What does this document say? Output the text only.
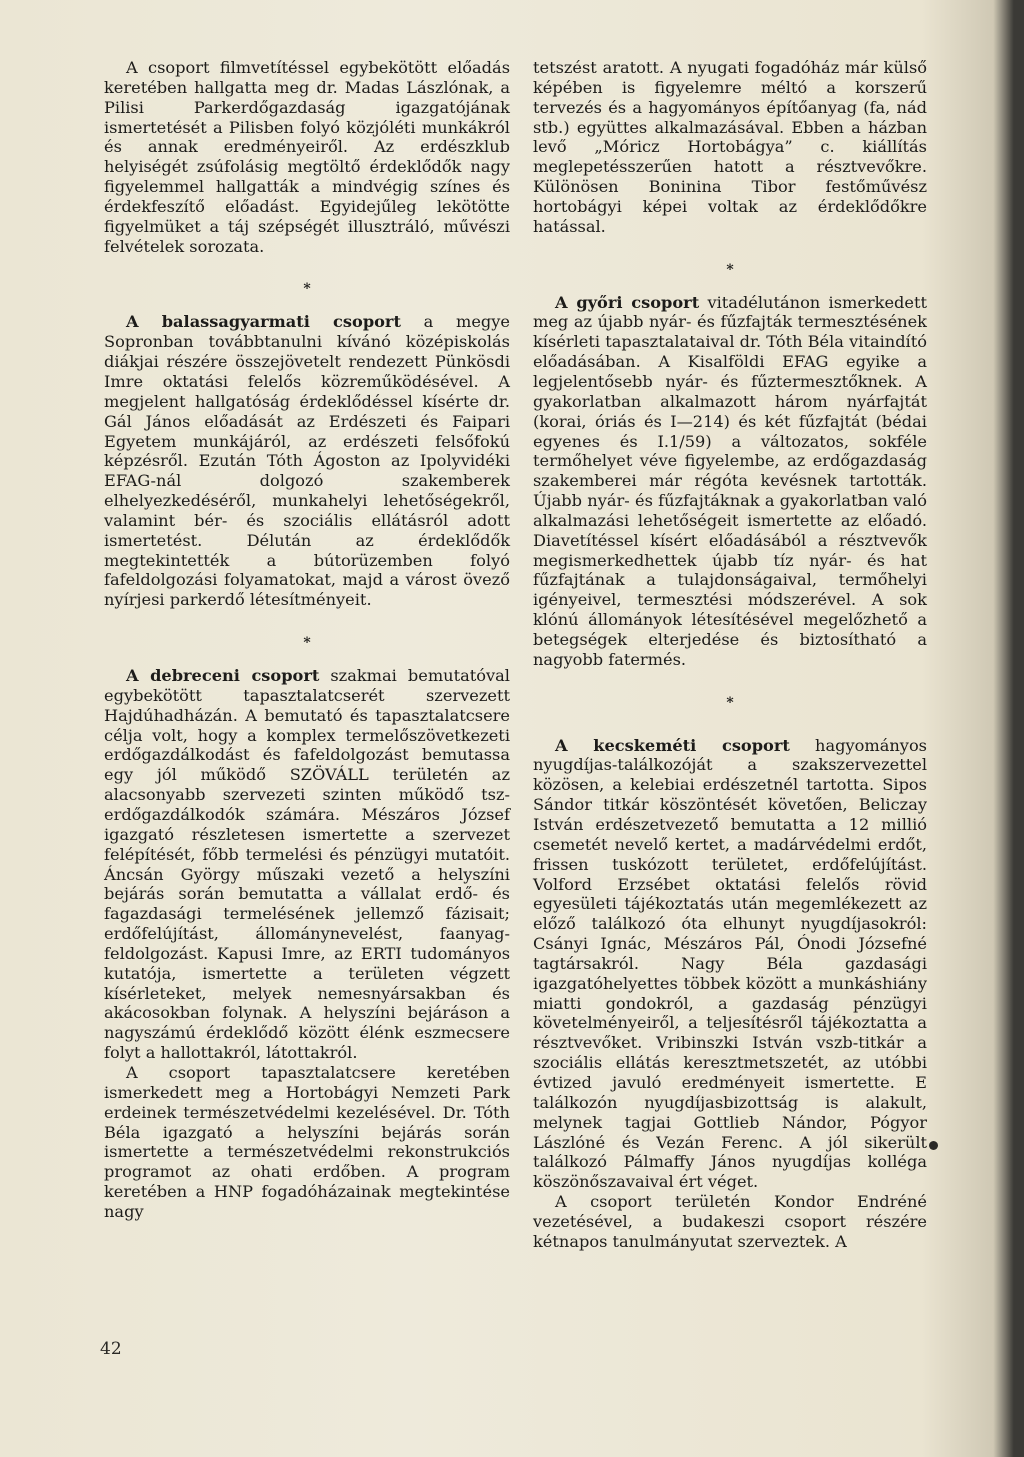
A csoport filmvetítéssel egybekötött előadás keretében hallgatta meg dr. Madas Lászlónak, a Pilisi Parkerdőgazdaság igazgatójának ismertetését a Pilisben folyó közjóléti munkákról és annak eredményeiről. Az erdészklub helyiségét zsúfolásig megtöltő érdeklődők nagy figyelemmel hallgatták a mindvégig színes és érdekfeszítő előadást. Egyidejűleg lekötötte figyelmüket a táj szépségét illusztráló, művészi felvételek sorozata.

*

A balassagyarmati csoport a megye Sopronban továbbtanulni kívánó középiskolás diákjai részére összejövetelt rendezett Pünkösdi Imre oktatási felelős közreműködésével. A megjelent hallgatóság érdeklődéssel kísérte dr. Gál János előadását az Erdészeti és Faipari Egyetem munkájáról, az erdészeti felsőfokú képzésről. Ezután Tóth Ágoston az Ipolyvidéki EFAG-nál dolgozó szakemberek elhelyezkedéséről, munkahelyi lehetőségekről, valamint bér- és szociális ellátásról adott ismertetést. Délután az érdeklődők megtekintették a bútorüzemben folyó fafeldolgozási folyamatokat, majd a várost övező nyírjesi parkerdő létesítményeit.

*

A debreceni csoport szakmai bemutatóval egybekötött tapasztalatcserét szervezett Hajdúhadházán. A bemutató és tapasztalatcsere célja volt, hogy a komplex termelőszövetkezeti erdőgazdálkodást és fafeldolgozást bemutassa egy jól működő SZÖVÁLL területén az alacsonyabb szervezeti szinten működő tsz-erdőgazdálkodók számára. Mészáros József igazgató részletesen ismertette a szervezet felépítését, főbb termelési és pénzügyi mutatóit. Áncsán György műszaki vezető a helyszíni bejárás során bemutatta a vállalat erdő- és fagazdasági termelésének jellemző fázisait; erdőfelújítást, állománynevelést, faanyag-feldolgozást. Kapusi Imre, az ERTI tudományos kutatója, ismertette a területen végzett kísérleteket, melyek nemesnyársakban és akácosokban folynak. A helyszíni bejáráson a nagyszámú érdeklődő között élénk eszmecsere folyt a hallottakról, látottakról.

A csoport tapasztalatcsere keretében ismerkedett meg a Hortobágyi Nemzeti Park erdeinek természetvédelmi kezelésével. Dr. Tóth Béla igazgató a helyszíni bejárás során ismertette a természetvédelmi rekonstrukciós programot az ohati erdőben. A program keretében a HNP fogadóházainak megtekintése nagy

tetszést aratott. A nyugati fogadóház már külső képében is figyelemre méltó a korszerű tervezés és a hagyományos építőanyag (fa, nád stb.) együttes alkalmazásával. Ebben a házban levő „Móricz Hortobágya” c. kiállítás meglepetésszerűen hatott a résztvevőkre. Különösen Boninina Tibor festőművész hortobágyi képei voltak az érdeklődőkre hatással.

*

A győri csoport vitadélutánon ismerkedett meg az újabb nyár- és fűzfajták termesztésének kísérleti tapasztalataival dr. Tóth Béla vitaindító előadásában. A Kisalföldi EFAG egyike a legjelentősebb nyár- és fűztermesztőknek. A gyakorlatban alkalmazott három nyárfajtát (korai, óriás és I—214) és két fűzfajtát (bédai egyenes és I.1/59) a változatos, sokféle termőhelyet véve figyelembe, az erdőgazdaság szakemberei már régóta kevésnek tartották. Újabb nyár- és fűzfajtáknak a gyakorlatban való alkalmazási lehetőségeit ismertette az előadó. Diavetítéssel kísért előadásából a résztvevők megismerkedhettek újabb tíz nyár- és hat fűzfajtának a tulajdonságaival, termőhelyi igényeivel, termesztési módszerével. A sok klónú állományok létesítésével megelőzhető a betegségek elterjedése és biztosítható a nagyobb fatermés.

*

A kecskeméti csoport hagyományos nyugdíjas-találkozóját a szakszervezettel közösen, a kelebiai erdészetnél tartotta. Sipos Sándor titkár köszöntését követően, Beliczay István erdészetvezető bemutatta a 12 millió csemetét nevelő kertet, a madárvédelmi erdőt, frissen tuskózott területet, erdőfelújítást. Volford Erzsébet oktatási felelős rövid egyesületi tájékoztatás után megemlékezett az előző találkozó óta elhunyt nyugdíjasokról: Csányi Ignác, Mészáros Pál, Ónodi Józsefné tagtársakról. Nagy Béla gazdasági igazgatóhelyettes többek között a munkáshiány miatti gondokról, a gazdaság pénzügyi követelményeiről, a teljesítésről tájékoztatta a résztvevőket. Vribinszki István vszb-titkár a szociális ellátás keresztmetszetét, az utóbbi évtized javuló eredményeit ismertette. E találkozón nyugdíjasbizottság is alakult, melynek tagjai Gottlieb Nándor, Pógyor Lászlóné és Vezán Ferenc. A jól sikerült találkozó Pálmaffy János nyugdíjas kolléga köszönőszavaival ért véget.

A csoport területén Kondor Endréné vezetésével, a budakeszi csoport részére kétnapos tanulmányutat szerveztek. A

42
